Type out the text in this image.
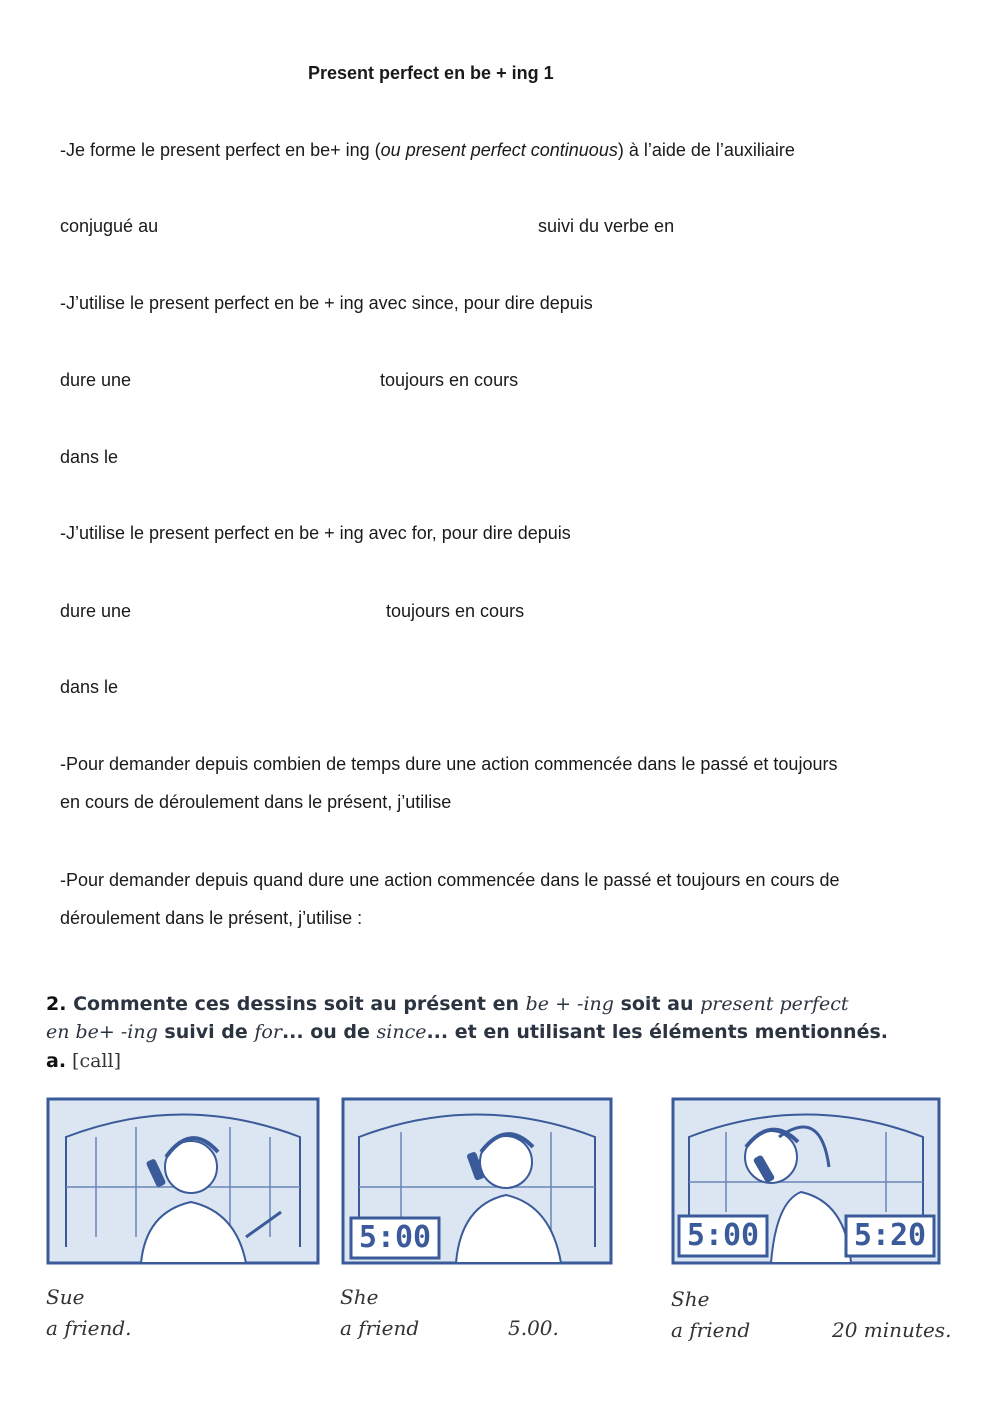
Present perfect en be + ing 1
-Je forme le present perfect en be+ ing (ou present perfect continuous) à l’aide de l’auxiliaire
conjugué au	suivi du verbe en
-J’utilise le present perfect en be + ing avec since, pour dire depuis
dure une	toujours en cours
dans le
-J’utilise le present perfect en be + ing avec for, pour dire depuis
dure une	toujours en cours
dans le
-Pour demander depuis combien de temps dure une action commencée dans le passé et toujours
en cours de déroulement dans le présent, j’utilise
-Pour demander depuis quand dure une action commencée dans le passé et toujours en cours de
déroulement dans le présent, j’utilise :
2. Commente ces dessins soit au présent en be + -ing soit au present perfect
en be+ -ing suivi de for... ou de since... et en utilisant les éléments mentionnés.
a. [call]
5:00	5:00	5:20
Sue
a friend.
She
a friend	5.00.
She
a friend	20 minutes.
